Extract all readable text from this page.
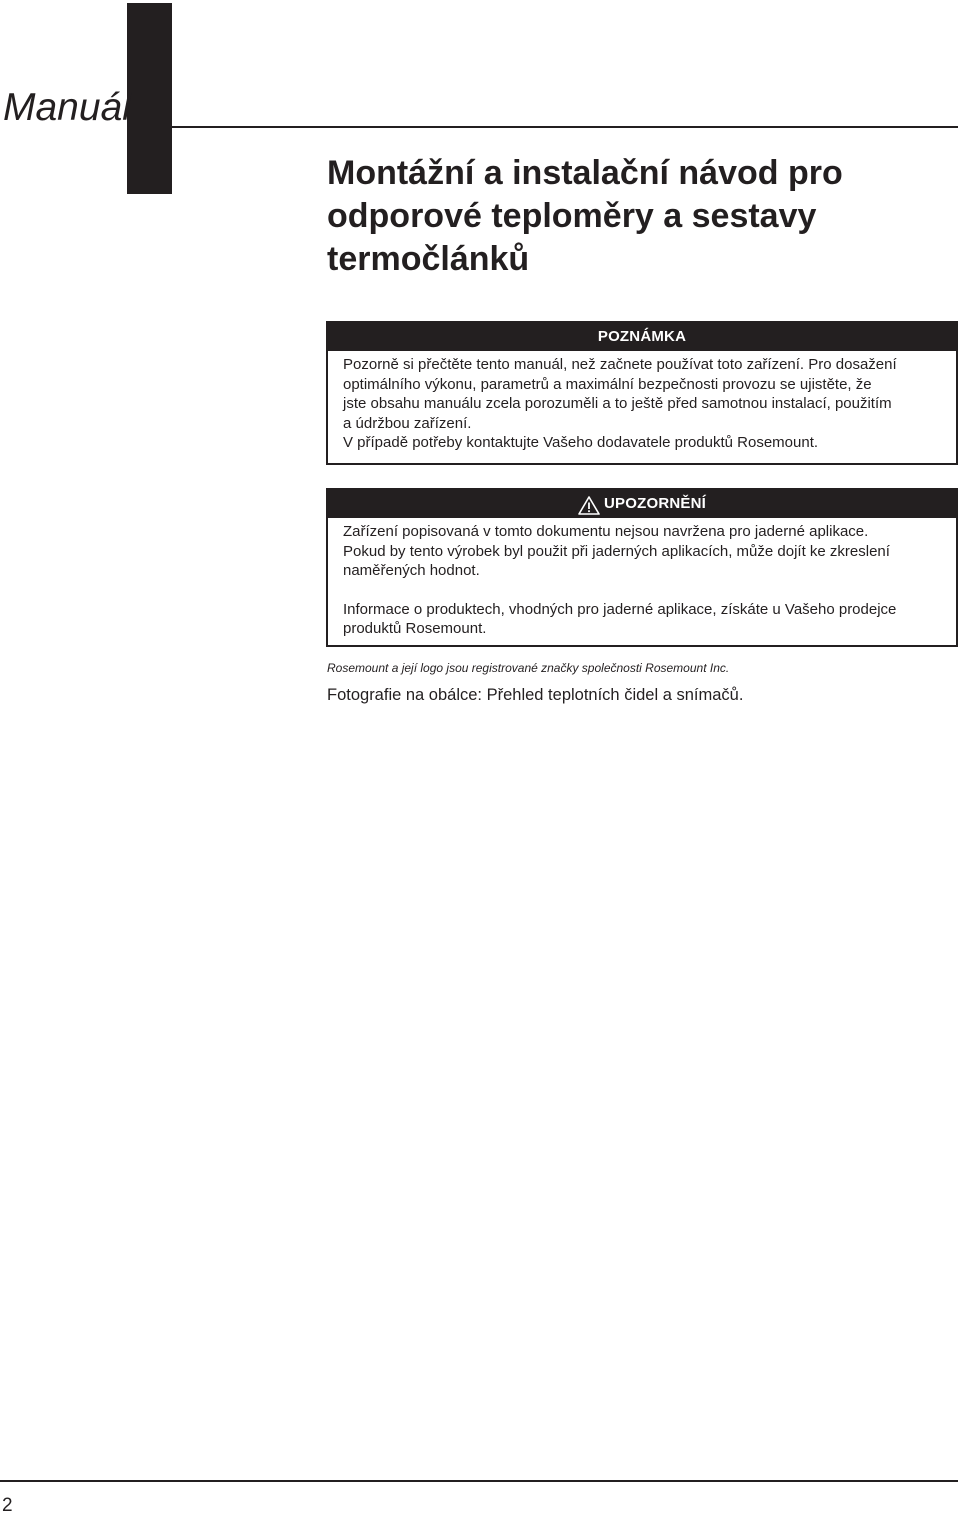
Manuál
Montážní a instalační návod pro
odporové teploměry a sestavy
termočlánků
POZNÁMKA

Pozorně si přečtěte tento manuál, než začnete používat toto zařízení. Pro dosažení
optimálního výkonu, parametrů a maximální bezpečnosti provozu se ujistěte, že
jste obsahu manuálu zcela porozuměli a to ještě před samotnou instalací, použitím
a údržbou zařízení.
V případě potřeby kontaktujte Vašeho dodavatele produktů Rosemount.

UPOZORNĚNÍ

Zařízení popisovaná v tomto dokumentu nejsou navržena pro jaderné aplikace.
Pokud by tento výrobek byl použit při jaderných aplikacích, může dojít ke zkreslení
naměřených hodnot.

Informace o produktech, vhodných pro jaderné aplikace, získáte u Vašeho prodejce
produktů Rosemount.

Rosemount a její logo jsou registrované značky společnosti Rosemount Inc.

Fotografie na obálce: Přehled teplotních čidel a snímačů.

2
